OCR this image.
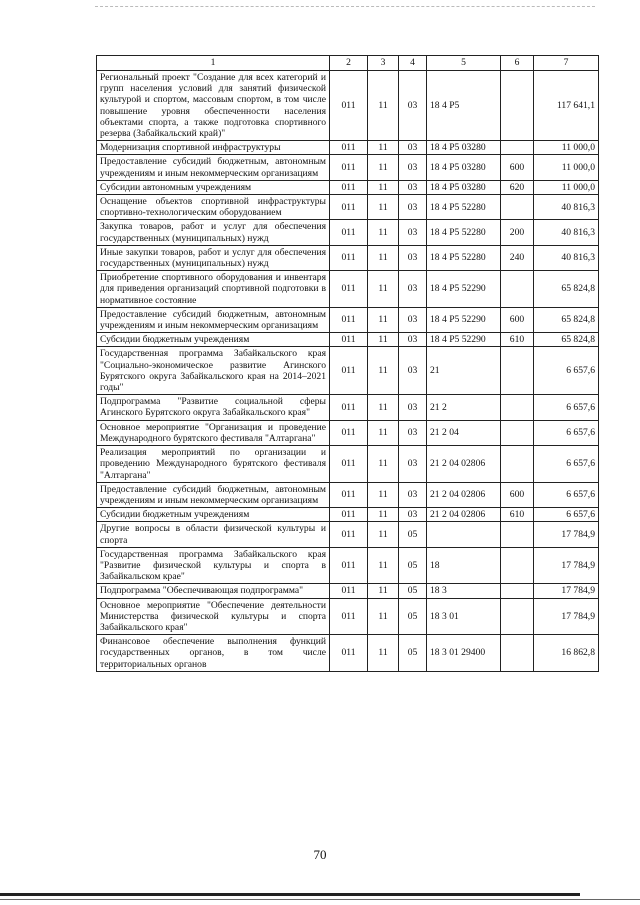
1	2	3	4	5	6	7
Региональный проект "Создание для всех категорий и групп населения условий для занятий физической культурой и спортом, массовым спортом, в том числе повышение уровня обеспеченности населения объектами спорта, а также подготовка спортивного резерва (Забайкальский край)"	011	11	03	18 4 P5		117 641,1
Модернизация спортивной инфраструктуры	011	11	03	18 4 P5 03280		11 000,0
Предоставление субсидий бюджетным, автономным учреждениям и иным некоммерческим организациям	011	11	03	18 4 P5 03280	600	11 000,0
Субсидии автономным учреждениям	011	11	03	18 4 P5 03280	620	11 000,0
Оснащение объектов спортивной инфраструктуры спортивно-технологическим оборудованием	011	11	03	18 4 P5 52280		40 816,3
Закупка товаров, работ и услуг для обеспечения государственных (муниципальных) нужд	011	11	03	18 4 P5 52280	200	40 816,3
Иные закупки товаров, работ и услуг для обеспечения государственных (муниципальных) нужд	011	11	03	18 4 P5 52280	240	40 816,3
Приобретение спортивного оборудования и инвентаря для приведения организаций спортивной подготовки в нормативное состояние	011	11	03	18 4 P5 52290		65 824,8
Предоставление субсидий бюджетным, автономным учреждениям и иным некоммерческим организациям	011	11	03	18 4 P5 52290	600	65 824,8
Субсидии бюджетным учреждениям	011	11	03	18 4 P5 52290	610	65 824,8
Государственная программа Забайкальского края "Социально-экономическое развитие Агинского Бурятского округа Забайкальского края на 2014–2021 годы"	011	11	03	21		6 657,6
Подпрограмма "Развитие социальной сферы Агинского Бурятского округа Забайкальского края"	011	11	03	21 2		6 657,6
Основное мероприятие "Организация и проведение Международного бурятского фестиваля "Алтаргана"	011	11	03	21 2 04		6 657,6
Реализация мероприятий по организации и проведению Международного бурятского фестиваля "Алтаргана"	011	11	03	21 2 04 02806		6 657,6
Предоставление субсидий бюджетным, автономным учреждениям и иным некоммерческим организациям	011	11	03	21 2 04 02806	600	6 657,6
Субсидии бюджетным учреждениям	011	11	03	21 2 04 02806	610	6 657,6
Другие вопросы в области физической культуры и спорта	011	11	05			17 784,9
Государственная программа Забайкальского края "Развитие физической культуры и спорта в Забайкальском крае"	011	11	05	18		17 784,9
Подпрограмма "Обеспечивающая подпрограмма"	011	11	05	18 3		17 784,9
Основное мероприятие "Обеспечение деятельности Министерства физической культуры и спорта Забайкальского края"	011	11	05	18 3 01		17 784,9
Финансовое обеспечение выполнения функций государственных органов, в том числе территориальных органов	011	11	05	18 3 01 29400		16 862,8
70
